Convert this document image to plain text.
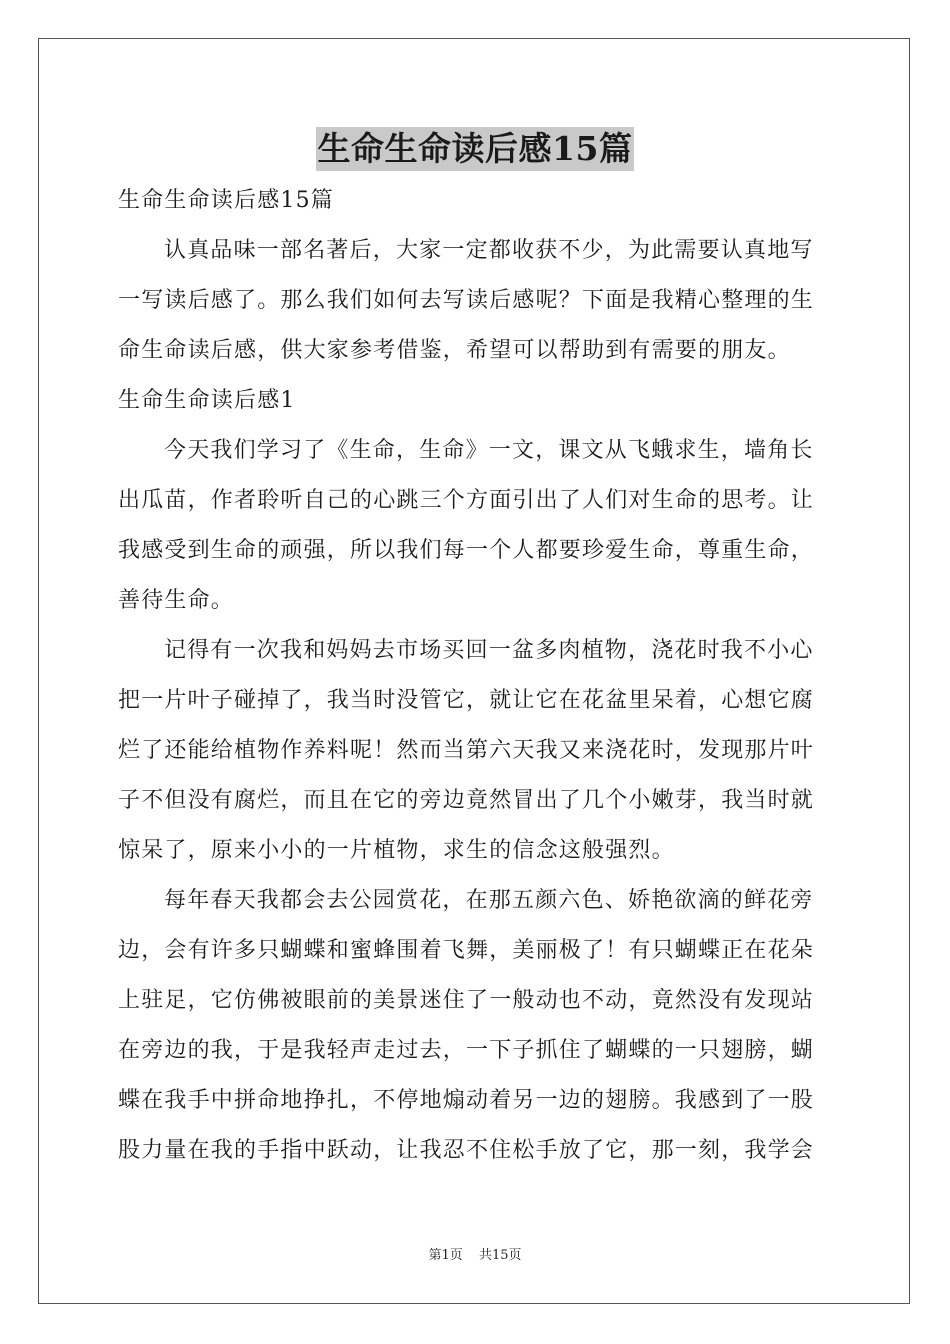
生命生命读后感15篇
生命生命读后感15篇
认真品味一部名著后，大家一定都收获不少，为此需要认真地写
一写读后感了。那么我们如何去写读后感呢？下面是我精心整理的生
命生命读后感，供大家参考借鉴，希望可以帮助到有需要的朋友。
生命生命读后感1
今天我们学习了《生命，生命》一文，课文从飞蛾求生，墙角长
出瓜苗，作者聆听自己的心跳三个方面引出了人们对生命的思考。让
我感受到生命的顽强，所以我们每一个人都要珍爱生命，尊重生命，
善待生命。
记得有一次我和妈妈去市场买回一盆多肉植物，浇花时我不小心
把一片叶子碰掉了，我当时没管它，就让它在花盆里呆着，心想它腐
烂了还能给植物作养料呢！然而当第六天我又来浇花时，发现那片叶
子不但没有腐烂，而且在它的旁边竟然冒出了几个小嫩芽，我当时就
惊呆了，原来小小的一片植物，求生的信念这般强烈。
每年春天我都会去公园赏花，在那五颜六色、娇艳欲滴的鲜花旁
边，会有许多只蝴蝶和蜜蜂围着飞舞，美丽极了！有只蝴蝶正在花朵
上驻足，它仿佛被眼前的美景迷住了一般动也不动，竟然没有发现站
在旁边的我，于是我轻声走过去，一下子抓住了蝴蝶的一只翅膀，蝴
蝶在我手中拼命地挣扎，不停地煽动着另一边的翅膀。我感到了一股
股力量在我的手指中跃动，让我忍不住松手放了它，那一刻，我学会
第1页 共15页
